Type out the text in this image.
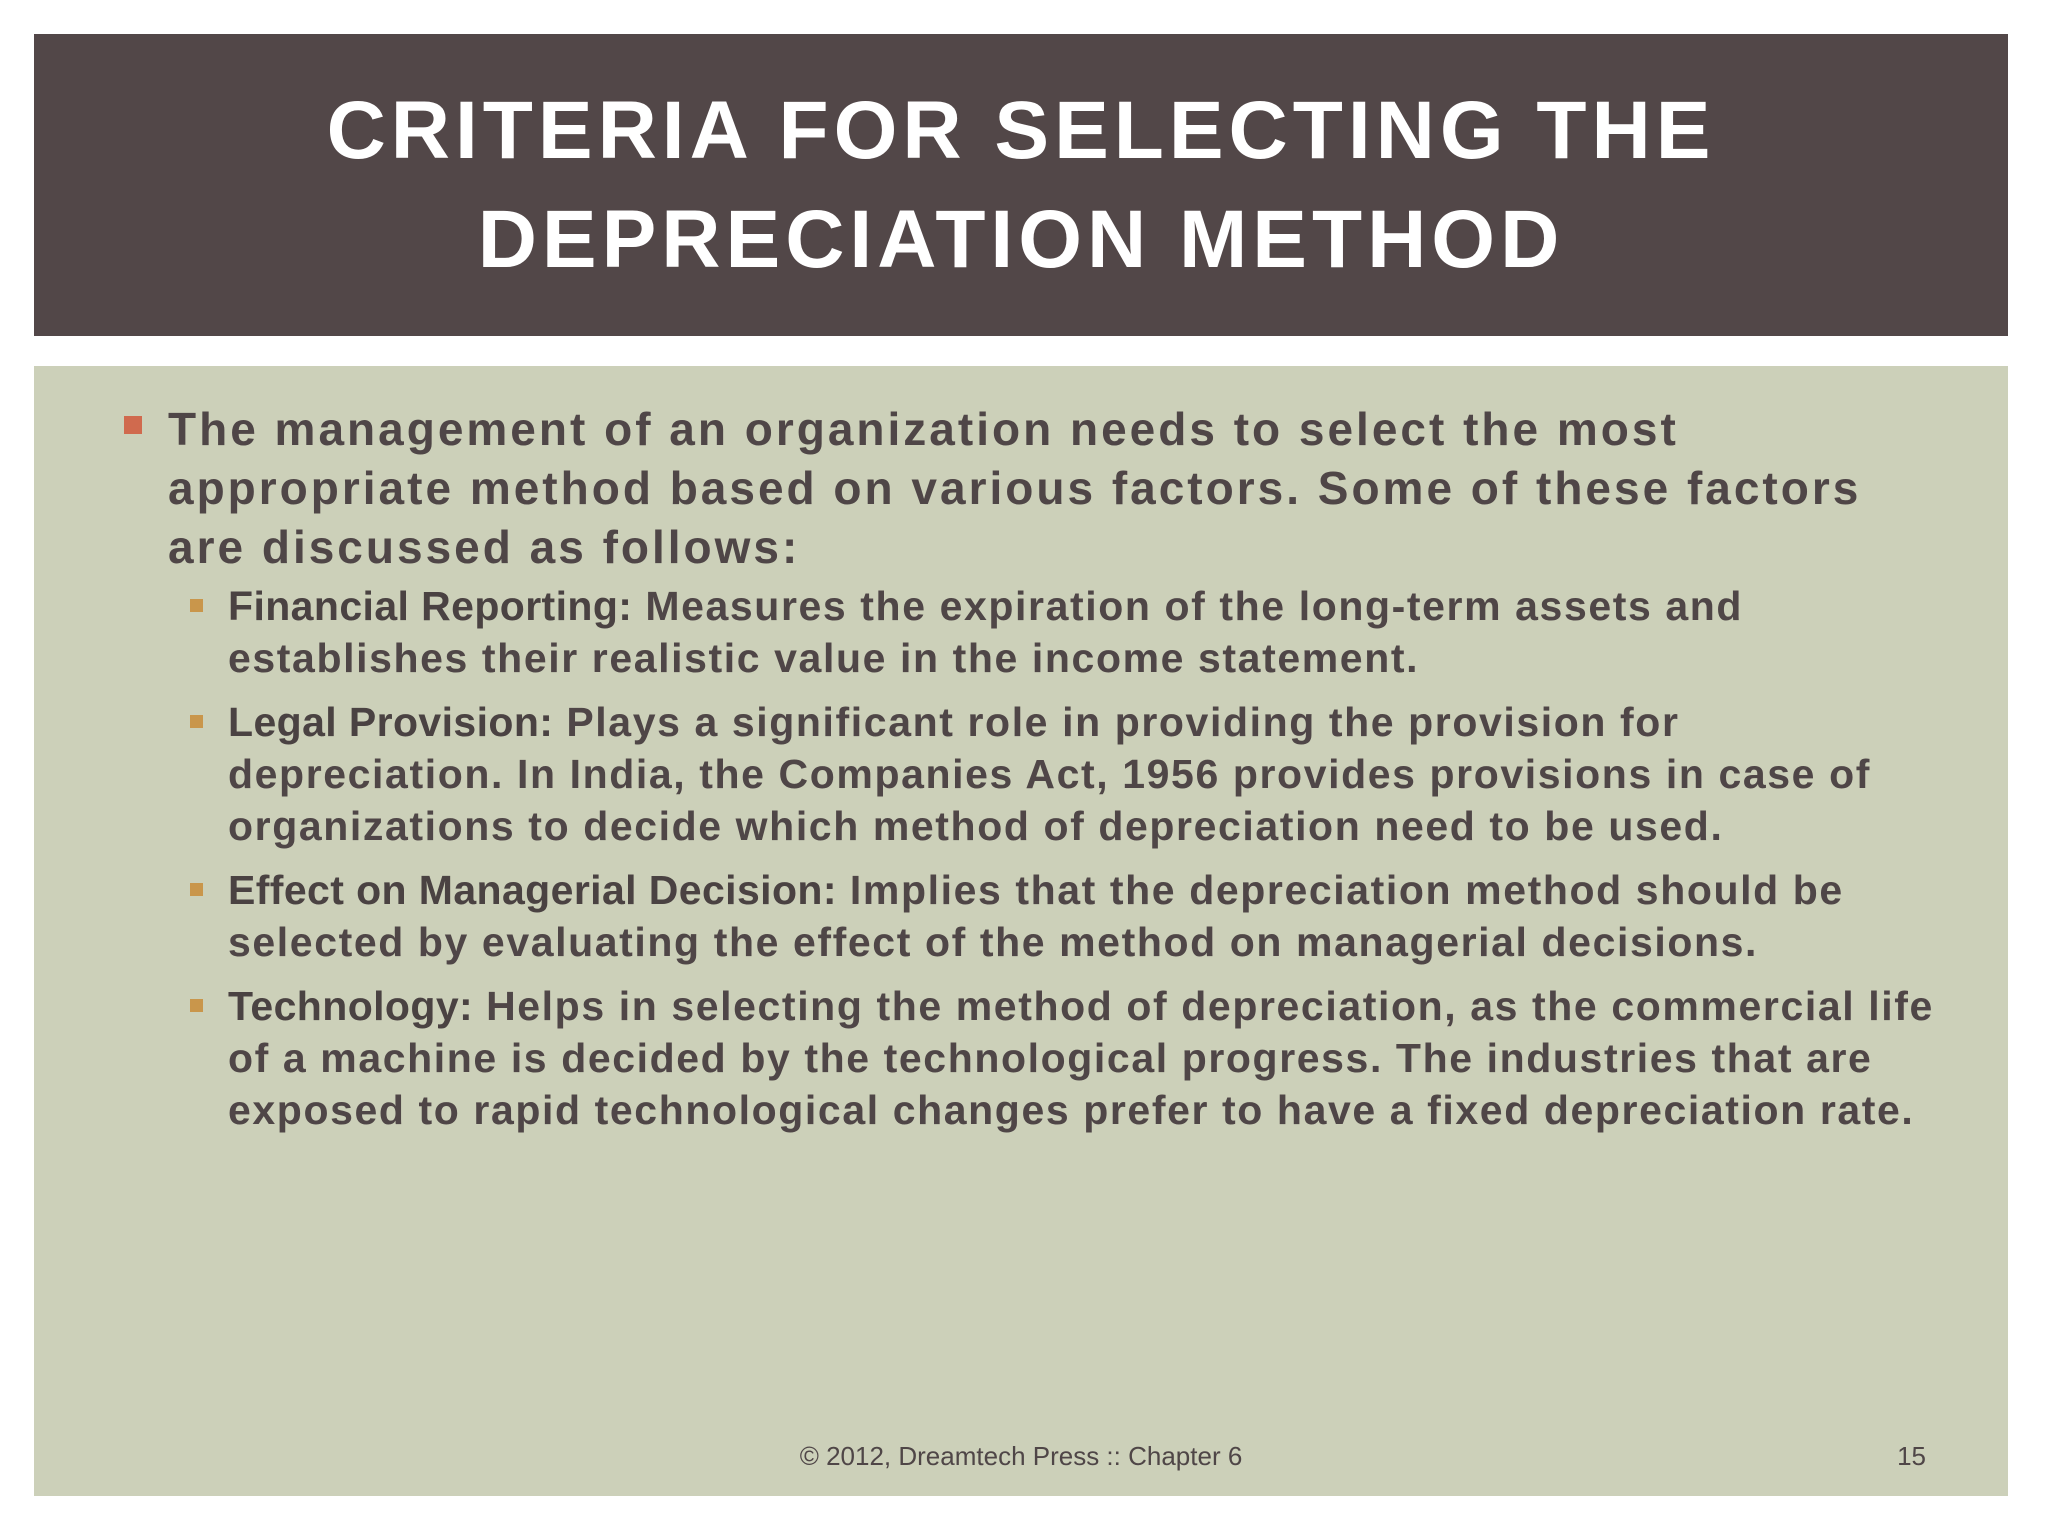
CRITERIA FOR SELECTING THE DEPRECIATION METHOD

The management of an organization needs to select the most appropriate method based on various factors. Some of these factors are discussed as follows:

Financial Reporting: Measures the expiration of the long-term assets and establishes their realistic value in the income statement.

Legal Provision: Plays a significant role in providing the provision for depreciation. In India, the Companies Act, 1956 provides provisions in case of organizations to decide which method of depreciation need to be used.

Effect on Managerial Decision: Implies that the depreciation method should be selected by evaluating the effect of the method on managerial decisions.

Technology: Helps in selecting the method of depreciation, as the commercial life of a machine is decided by the technological progress. The industries that are exposed to rapid technological changes prefer to have a fixed depreciation rate.

© 2012, Dreamtech Press :: Chapter 6	15
